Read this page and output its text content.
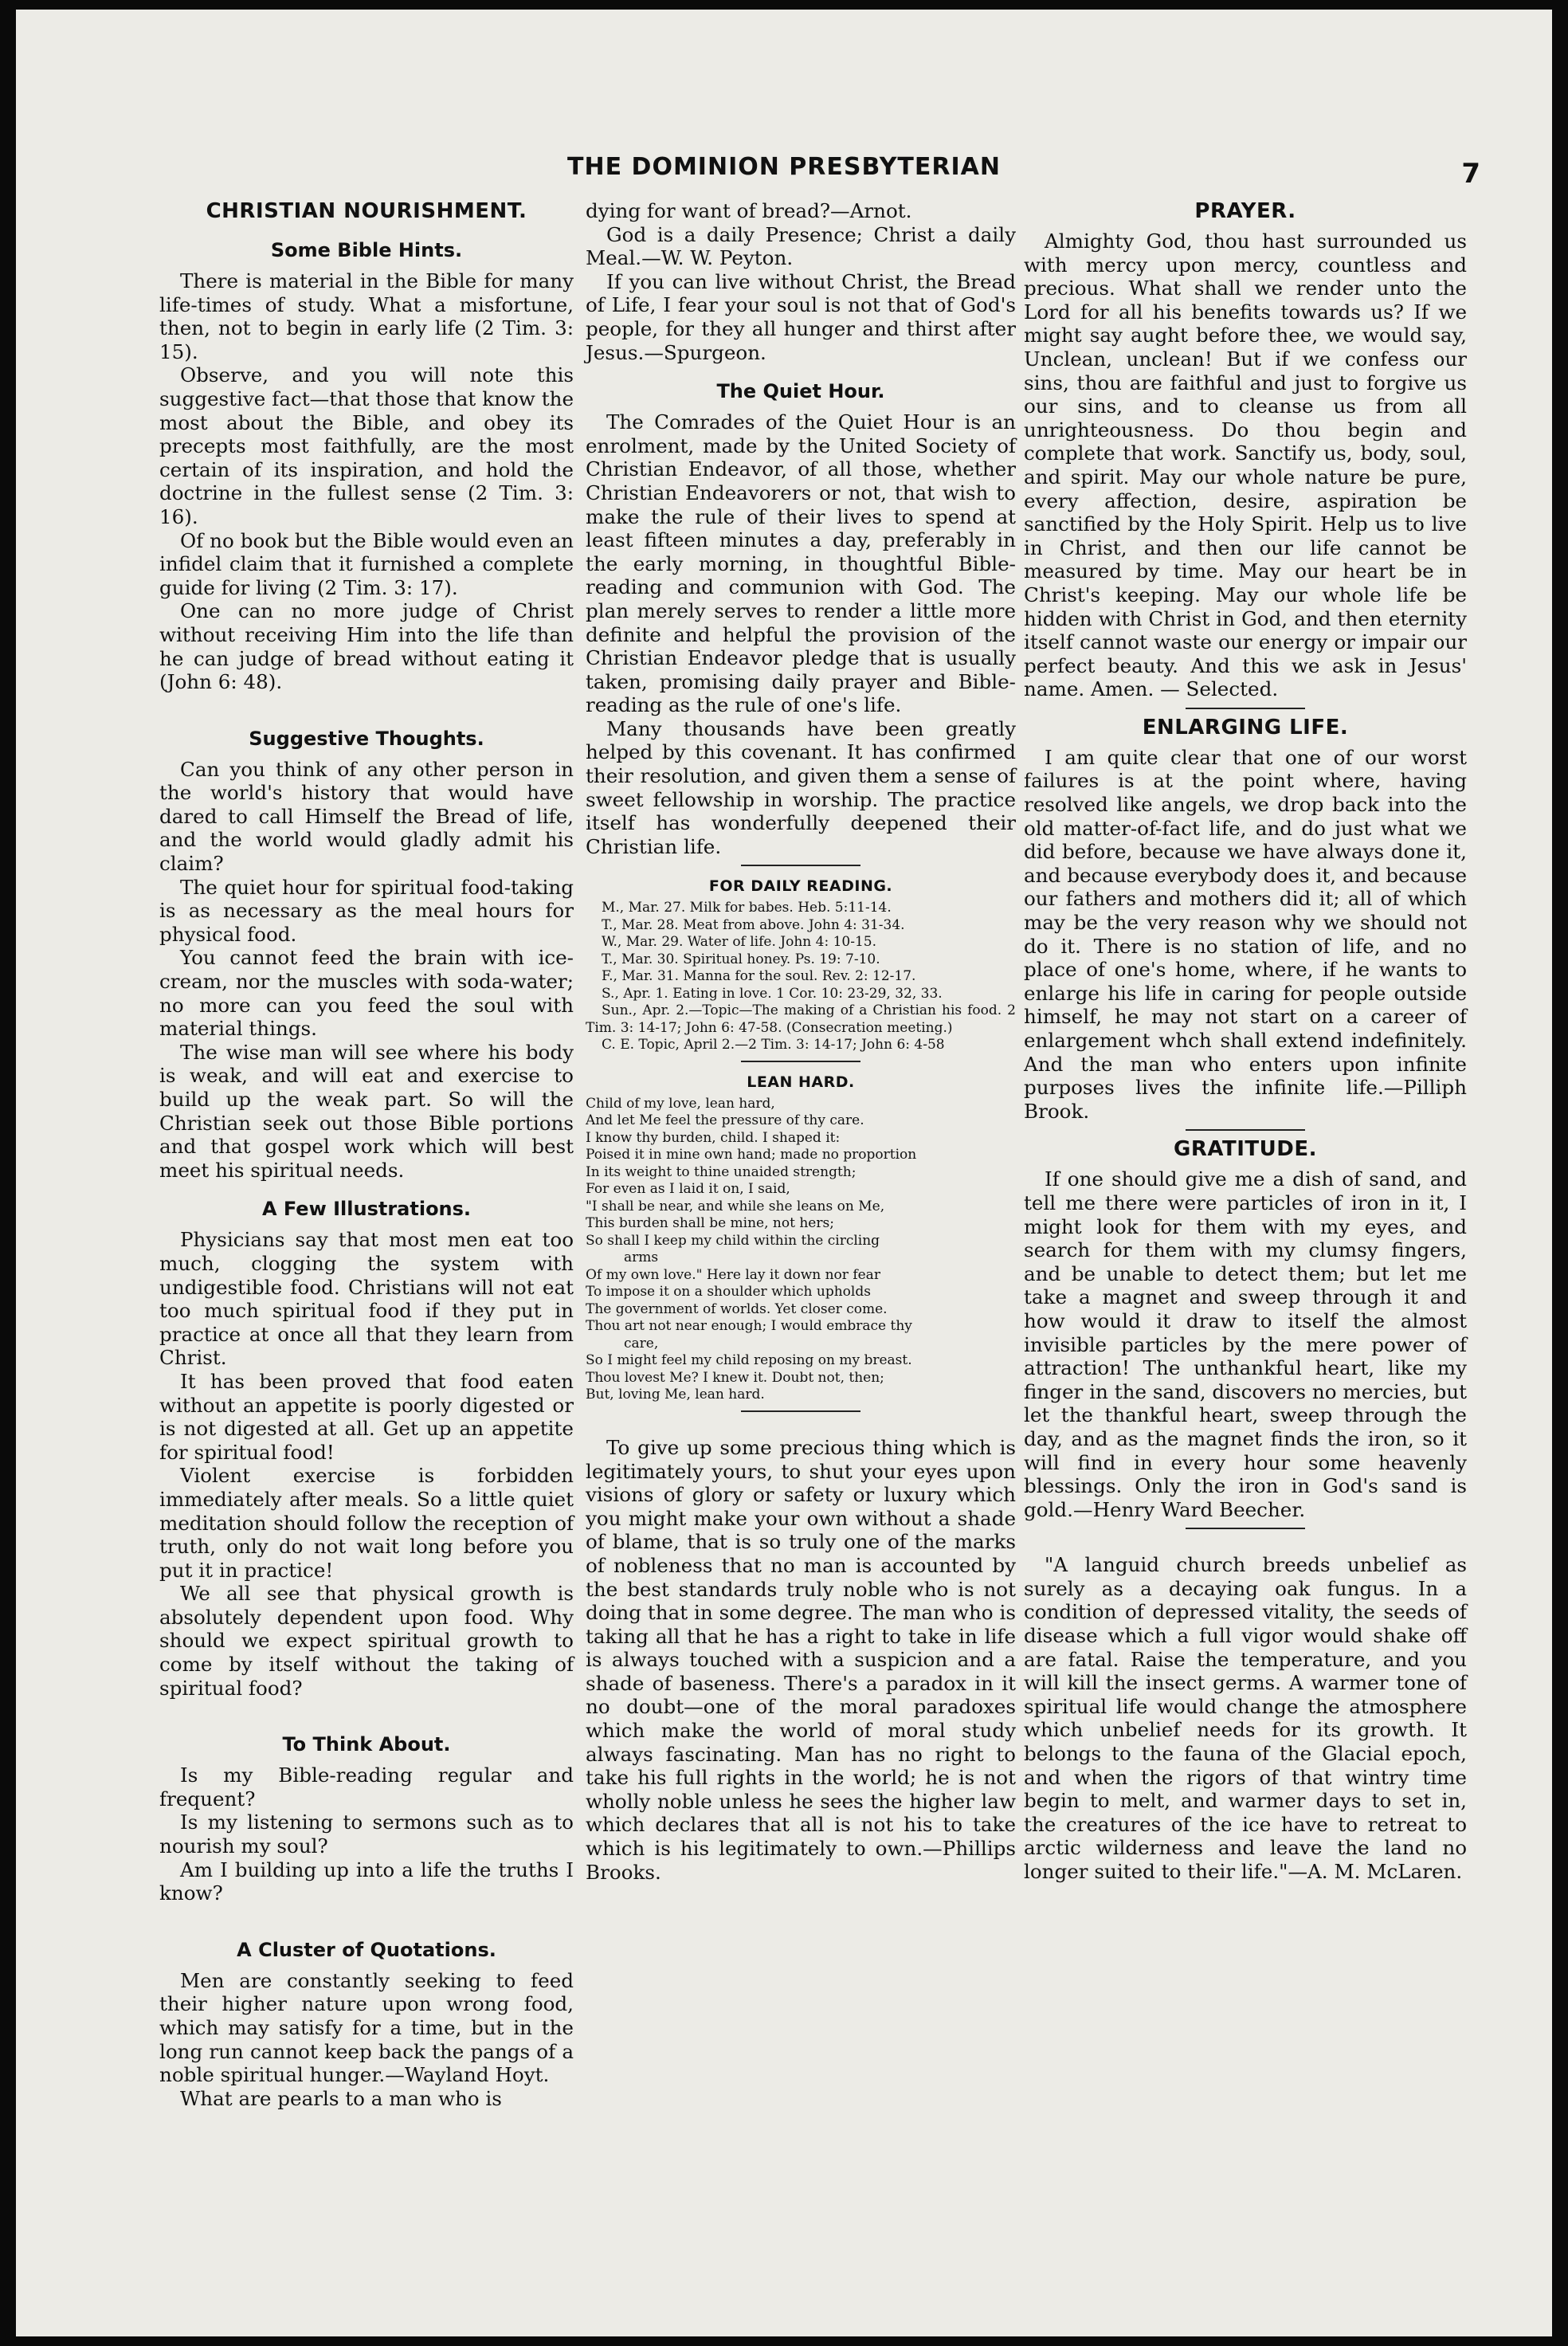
THE DOMINION PRESBYTERIAN	7
CHRISTIAN NOURISHMENT.
Some Bible Hints.

There is material in the Bible for many life-times of study. What a misfortune, then, not to begin in early life (2 Tim. 3: 15).

Observe, and you will note this suggestive fact—that those that know the most about the Bible, and obey its precepts most faithfully, are the most certain of its inspiration, and hold the doctrine in the fullest sense (2 Tim. 3: 16).

Of no book but the Bible would even an infidel claim that it furnished a complete guide for living (2 Tim. 3: 17).

One can no more judge of Christ without receiving Him into the life than he can judge of bread without eating it (John 6: 48).

Suggestive Thoughts.

Can you think of any other person in the world's history that would have dared to call Himself the Bread of life, and the world would gladly admit his claim?

The quiet hour for spiritual food-taking is as necessary as the meal hours for physical food.

You cannot feed the brain with ice-cream, nor the muscles with soda-water; no more can you feed the soul with material things.

The wise man will see where his body is weak, and will eat and exercise to build up the weak part. So will the Christian seek out those Bible portions and that gospel work which will best meet his spiritual needs.

A Few Illustrations.

Physicians say that most men eat too much, clogging the system with undigestible food. Christians will not eat too much spiritual food if they put in practice at once all that they learn from Christ.

It has been proved that food eaten without an appetite is poorly digested or is not digested at all. Get up an appetite for spiritual food!

Violent exercise is forbidden immediately after meals. So a little quiet meditation should follow the reception of truth, only do not wait long before you put it in practice!

We all see that physical growth is absolutely dependent upon food. Why should we expect spiritual growth to come by itself without the taking of spiritual food?

To Think About.

Is my Bible-reading regular and frequent?

Is my listening to sermons such as to nourish my soul?

Am I building up into a life the truths I know?

A Cluster of Quotations.

Men are constantly seeking to feed their higher nature upon wrong food, which may satisfy for a time, but in the long run cannot keep back the pangs of a noble spiritual hunger.—Wayland Hoyt.

What are pearls to a man who is

dying for want of bread?—Arnot.

God is a daily Presence; Christ a daily Meal.—W. W. Peyton.

If you can live without Christ, the Bread of Life, I fear your soul is not that of God's people, for they all hunger and thirst after Jesus.—Spurgeon.

The Quiet Hour.

The Comrades of the Quiet Hour is an enrolment, made by the United Society of Christian Endeavor, of all those, whether Christian Endeavorers or not, that wish to make the rule of their lives to spend at least fifteen minutes a day, preferably in the early morning, in thoughtful Bible-reading and communion with God. The plan merely serves to render a little more definite and helpful the provision of the Christian Endeavor pledge that is usually taken, promising daily prayer and Bible-reading as the rule of one's life.

Many thousands have been greatly helped by this covenant. It has confirmed their resolution, and given them a sense of sweet fellowship in worship. The practice itself has wonderfully deepened their Christian life.

FOR DAILY READING.

M., Mar. 27. Milk for babes. Heb. 5:11-14.

T., Mar. 28. Meat from above. John 4: 31-34.

W., Mar. 29. Water of life. John 4: 10-15.

T., Mar. 30. Spiritual honey. Ps. 19: 7-10.

F., Mar. 31. Manna for the soul. Rev. 2: 12-17.

S., Apr. 1. Eating in love. 1 Cor. 10: 23-29, 32, 33.

Sun., Apr. 2.—Topic—The making of a Christian his food. 2 Tim. 3: 14-17; John 6: 47-58. (Consecration meeting.)

C. E. Topic, April 2.—2 Tim. 3: 14-17; John 6: 4-58

LEAN HARD.

Child of my love, lean hard,

And let Me feel the pressure of thy care.

I know thy burden, child. I shaped it:

Poised it in mine own hand; made no proportion

In its weight to thine unaided strength;

For even as I laid it on, I said,

"I shall be near, and while she leans on Me,

This burden shall be mine, not hers;

So shall I keep my child within the circling

arms

Of my own love." Here lay it down nor fear

To impose it on a shoulder which upholds

The government of worlds. Yet closer come.

Thou art not near enough; I would embrace thy

care,

So I might feel my child reposing on my breast.

Thou lovest Me? I knew it. Doubt not, then;

But, loving Me, lean hard.

To give up some precious thing which is legitimately yours, to shut your eyes upon visions of glory or safety or luxury which you might make your own without a shade of blame, that is so truly one of the marks of nobleness that no man is accounted by the best standards truly noble who is not doing that in some degree. The man who is taking all that he has a right to take in life is always touched with a suspicion and a shade of baseness. There's a paradox in it no doubt—one of the moral paradoxes which make the world of moral study always fascinating. Man has no right to take his full rights in the world; he is not wholly noble unless he sees the higher law which declares that all is not his to take which is his legitimately to own.—Phillips Brooks.

PRAYER.

Almighty God, thou hast surrounded us with mercy upon mercy, countless and precious. What shall we render unto the Lord for all his benefits towards us? If we might say aught before thee, we would say, Unclean, unclean! But if we confess our sins, thou are faithful and just to forgive us our sins, and to cleanse us from all unrighteousness. Do thou begin and complete that work. Sanctify us, body, soul, and spirit. May our whole nature be pure, every affection, desire, aspiration be sanctified by the Holy Spirit. Help us to live in Christ, and then our life cannot be measured by time. May our heart be in Christ's keeping. May our whole life be hidden with Christ in God, and then eternity itself cannot waste our energy or impair our perfect beauty. And this we ask in Jesus' name. Amen. — Selected.

ENLARGING LIFE.

I am quite clear that one of our worst failures is at the point where, having resolved like angels, we drop back into the old matter-of-fact life, and do just what we did before, because we have always done it, and because everybody does it, and because our fathers and mothers did it; all of which may be the very reason why we should not do it. There is no station of life, and no place of one's home, where, if he wants to enlarge his life in caring for people outside himself, he may not start on a career of enlargement whch shall extend indefinitely. And the man who enters upon infinite purposes lives the infinite life.—Pilliph Brook.

GRATITUDE.

If one should give me a dish of sand, and tell me there were particles of iron in it, I might look for them with my eyes, and search for them with my clumsy fingers, and be unable to detect them; but let me take a magnet and sweep through it and how would it draw to itself the almost invisible particles by the mere power of attraction! The unthankful heart, like my finger in the sand, discovers no mercies, but let the thankful heart, sweep through the day, and as the magnet finds the iron, so it will find in every hour some heavenly blessings. Only the iron in God's sand is gold.—Henry Ward Beecher.

"A languid church breeds unbelief as surely as a decaying oak fungus. In a condition of depressed vitality, the seeds of disease which a full vigor would shake off are fatal. Raise the temperature, and you will kill the insect germs. A warmer tone of spiritual life would change the atmosphere which unbelief needs for its growth. It belongs to the fauna of the Glacial epoch, and when the rigors of that wintry time begin to melt, and warmer days to set in, the creatures of the ice have to retreat to arctic wilderness and leave the land no longer suited to their life."—A. M. McLaren.
